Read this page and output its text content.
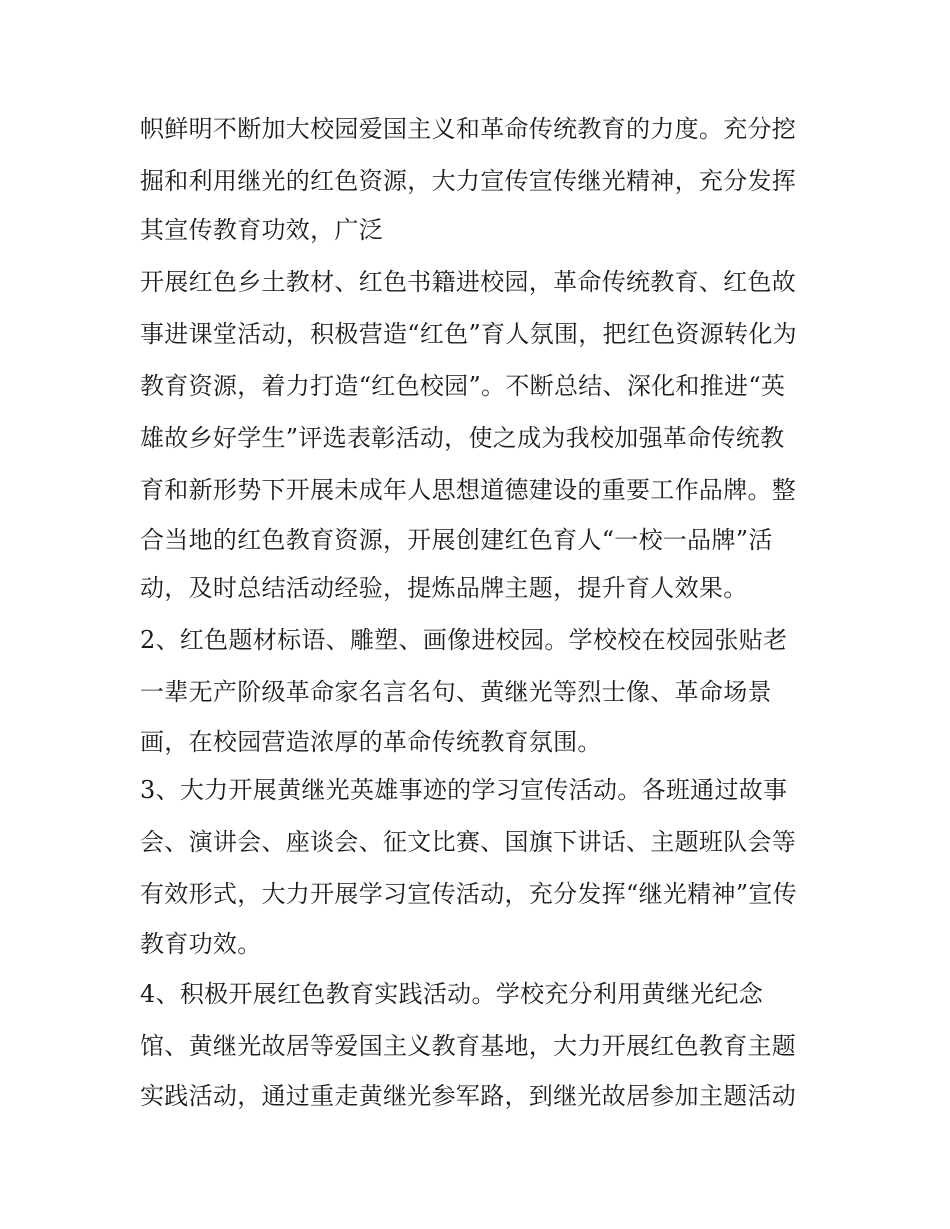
帜鲜明不断加大校园爱国主义和革命传统教育的力度。充分挖
掘和利用继光的红色资源，大力宣传宣传继光精神，充分发挥
其宣传教育功效，广泛
开展红色乡土教材、红色书籍进校园，革命传统教育、红色故
事进课堂活动，积极营造“红色”育人氛围，把红色资源转化为
教育资源，着力打造“红色校园”。不断总结、深化和推进“英
雄故乡好学生”评选表彰活动，使之成为我校加强革命传统教
育和新形势下开展未成年人思想道德建设的重要工作品牌。整
合当地的红色教育资源，开展创建红色育人“一校一品牌”活
动，及时总结活动经验，提炼品牌主题，提升育人效果。
2、红色题材标语、雕塑、画像进校园。学校校在校园张贴老
一辈无产阶级革命家名言名句、黄继光等烈士像、革命场景
画，在校园营造浓厚的革命传统教育氛围。
3、大力开展黄继光英雄事迹的学习宣传活动。各班通过故事
会、演讲会、座谈会、征文比赛、国旗下讲话、主题班队会等
有效形式，大力开展学习宣传活动，充分发挥“继光精神”宣传
教育功效。
4、积极开展红色教育实践活动。学校充分利用黄继光纪念
馆、黄继光故居等爱国主义教育基地，大力开展红色教育主题
实践活动，通过重走黄继光参军路，到继光故居参加主题活动
